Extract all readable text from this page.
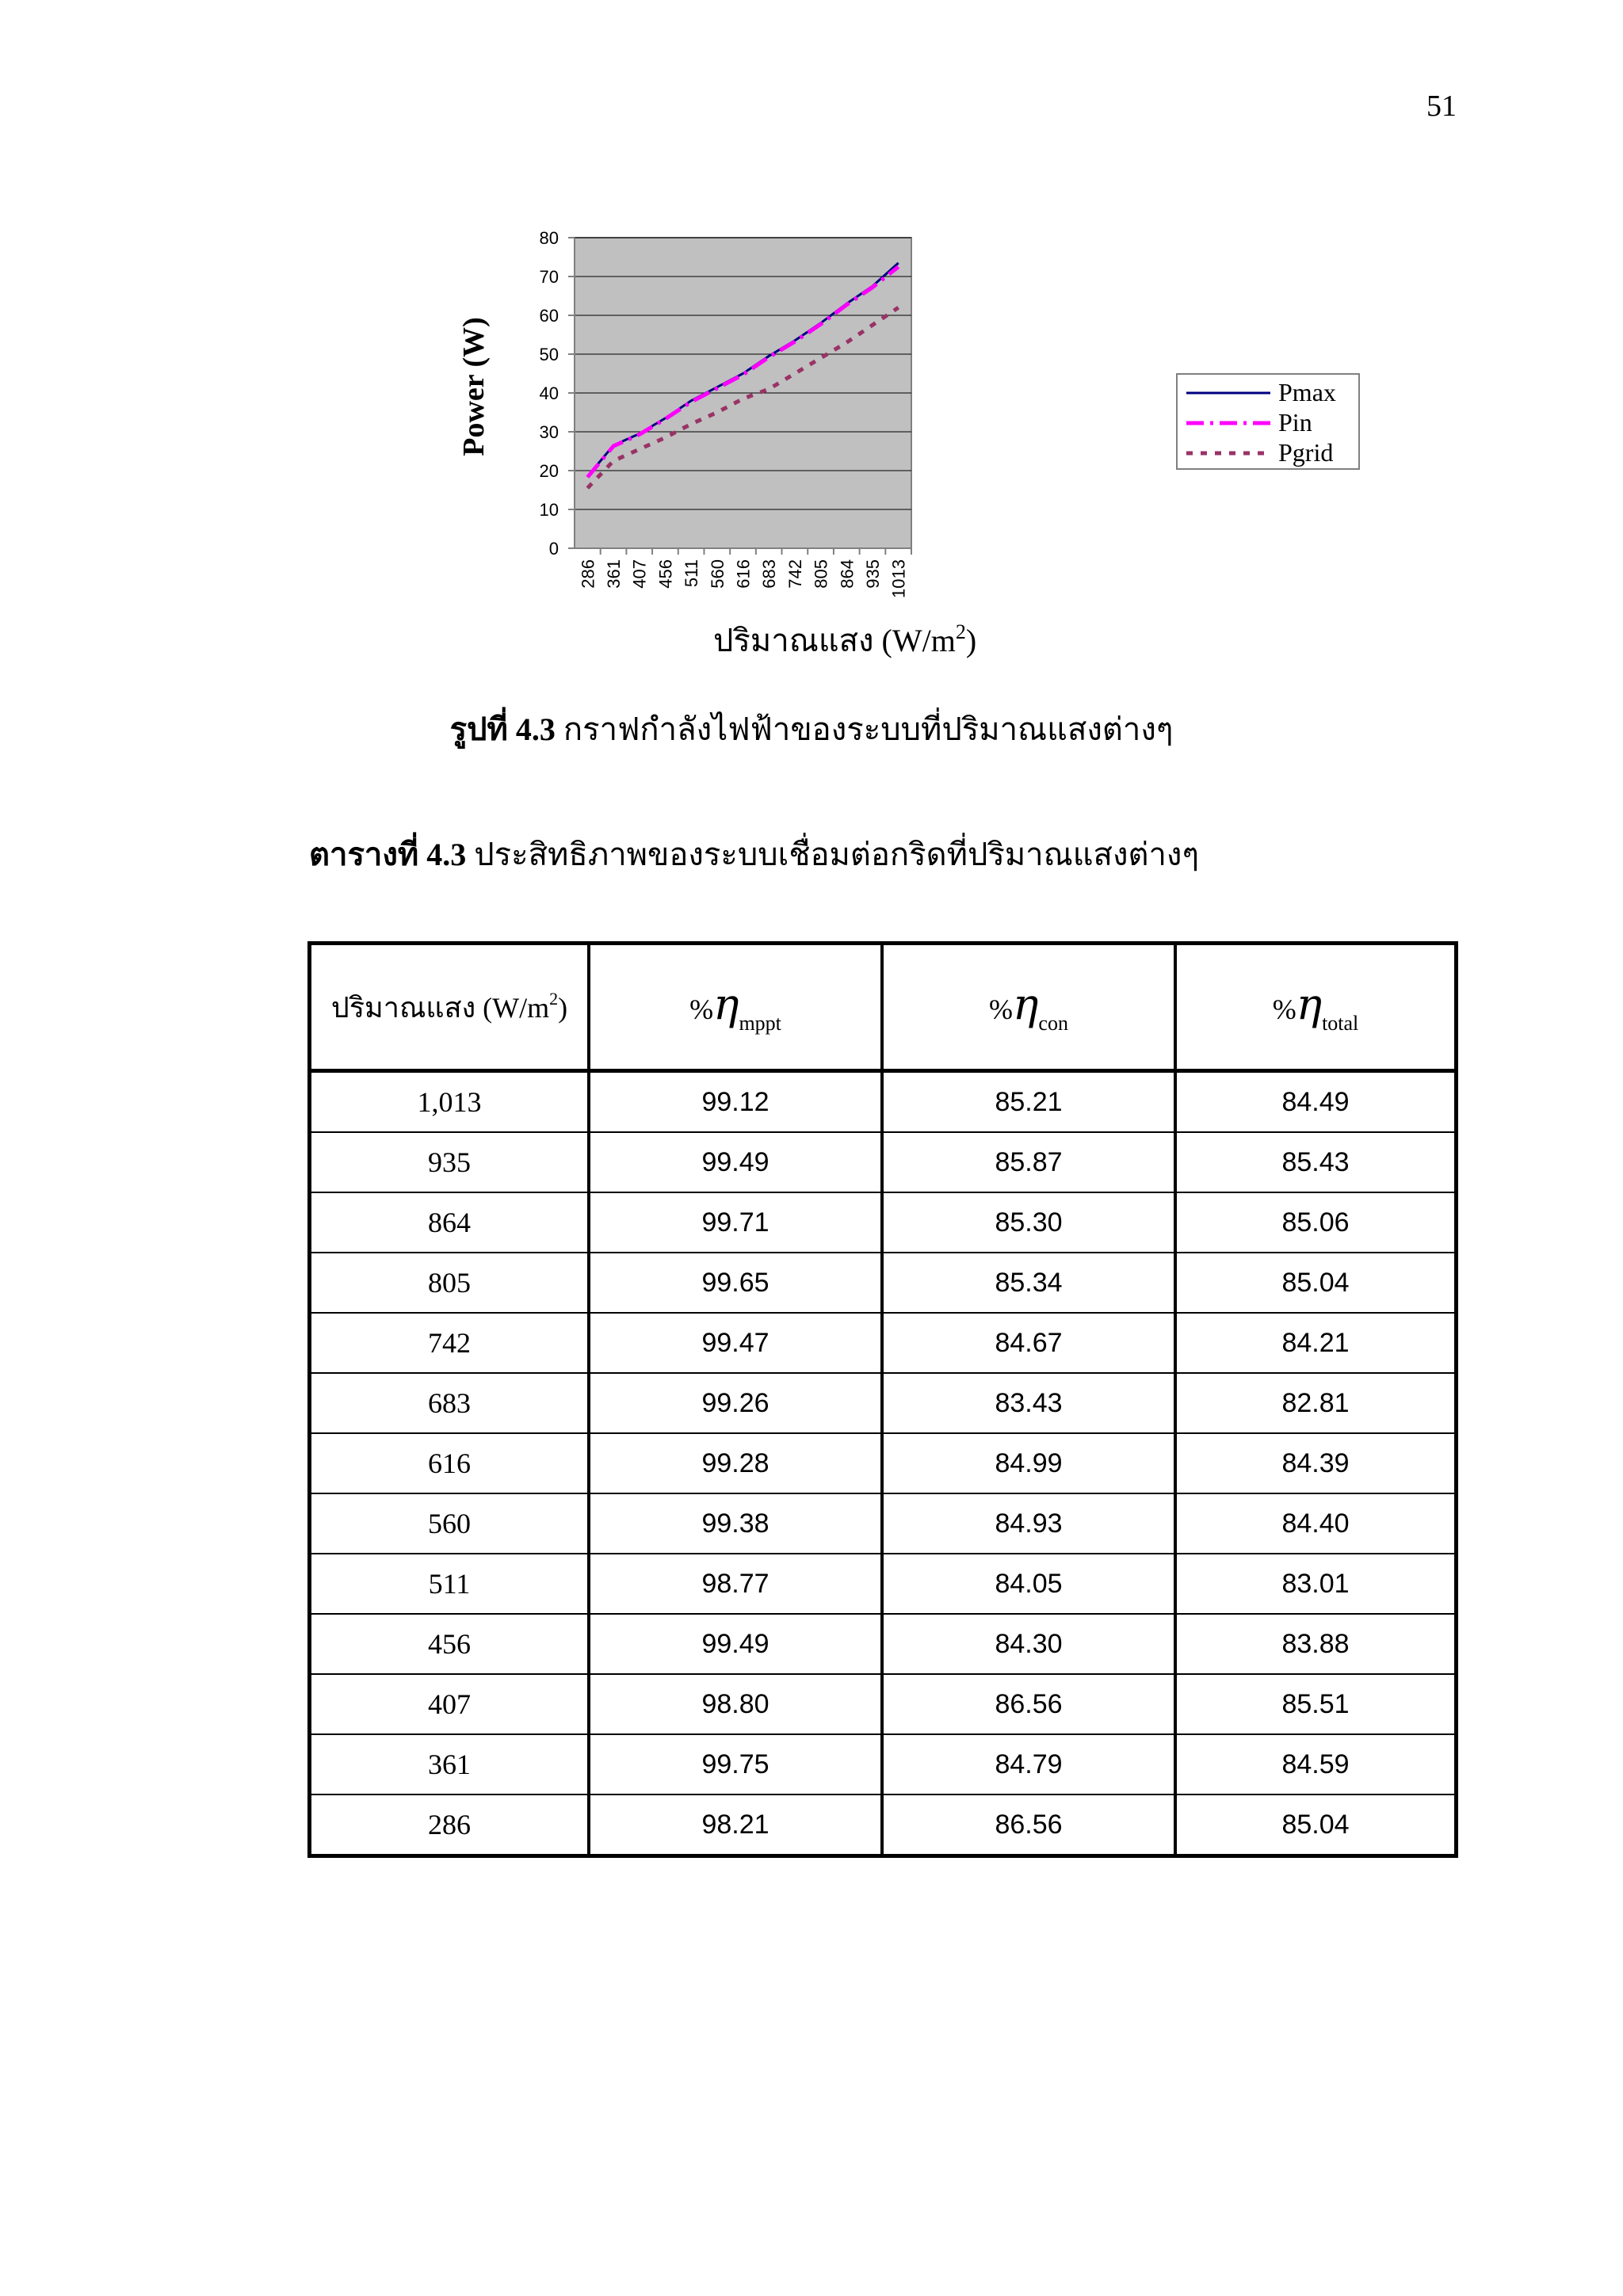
51
0
10
20
30
40
50
60
70
80
286 361 407 456 511 560 616 683 742 805 864 935 1013
Power (W)
ปริมาณแสง $(W/m^2)$
Pmax
Pin
Pgrid
รูปที่ 4.3 กราฟกำลังไฟฟ้าของระบบที่ปริมาณแสงต่างๆ
ตารางที่ 4.3 ประสิทธิภาพของระบบเชื่อมต่อกริดที่ปริมาณแสงต่างๆ
ปริมาณแสง $(W/m^2)$	$\%\eta_{mppt}$	$\%\eta_{con}$	$\%\eta_{total}$
1,013	99.12	85.21	84.49
935	99.49	85.87	85.43
864	99.71	85.30	85.06
805	99.65	85.34	85.04
742	99.47	84.67	84.21
683	99.26	83.43	82.81
616	99.28	84.99	84.39
560	99.38	84.93	84.40
511	98.77	84.05	83.01
456	99.49	84.30	83.88
407	98.80	86.56	85.51
361	99.75	84.79	84.59
286	98.21	86.56	85.04
